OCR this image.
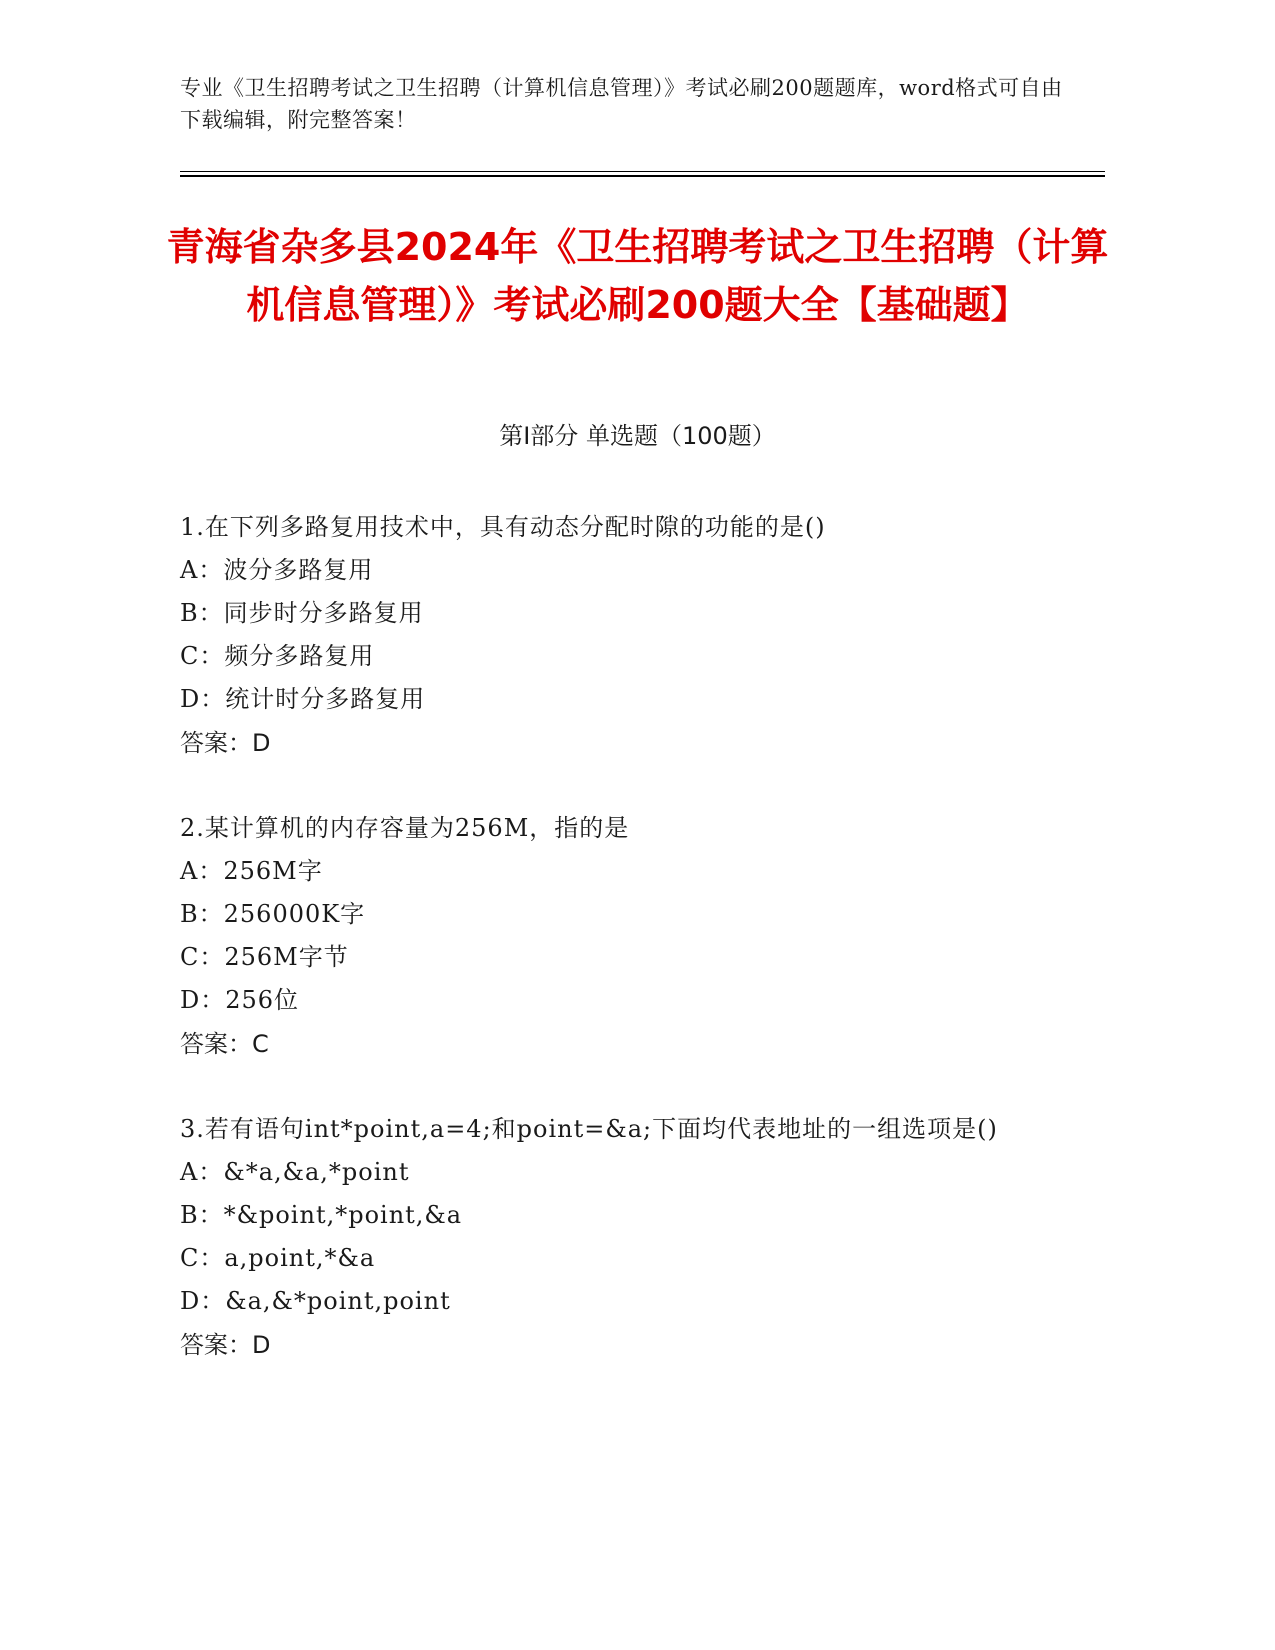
专业《卫生招聘考试之卫生招聘（计算机信息管理）》考试必刷200题题库，word格式可自由下载编辑，附完整答案！
青海省杂多县2024年《卫生招聘考试之卫生招聘（计算机信息管理）》考试必刷200题大全【基础题】
第Ⅰ部分 单选题（100题）
1.在下列多路复用技术中，具有动态分配时隙的功能的是()
A：波分多路复用
B：同步时分多路复用
C：频分多路复用
D：统计时分多路复用
答案：D
2.某计算机的内存容量为256M，指的是
A：256M字
B：256000K字
C：256M字节
D：256位
答案：C
3.若有语句int*point,a=4;和point=&a;下面均代表地址的一组选项是()
A：&*a,&a,*point
B：*&point,*point,&a
C：a,point,*&a
D：&a,&*point,point
答案：D
